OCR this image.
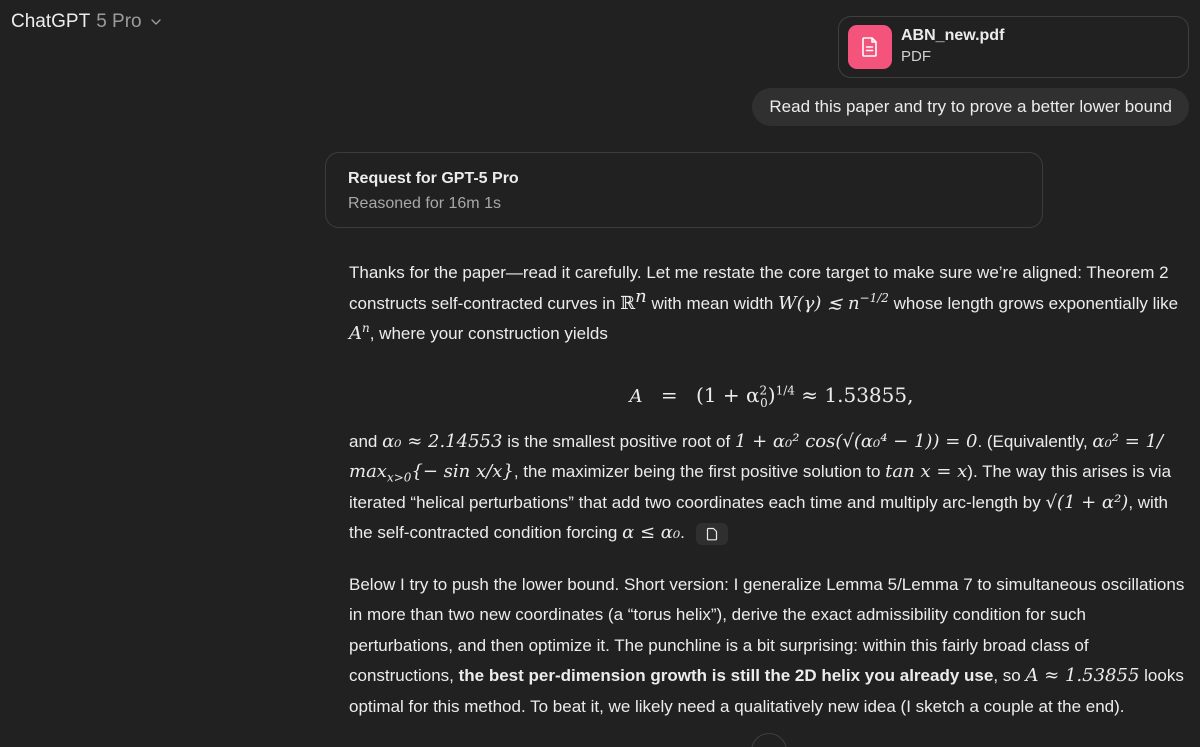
ChatGPT 5 Pro
ABN_new.pdf
PDF
Read this paper and try to prove a better lower bound
Request for GPT-5 Pro
Reasoned for 16m 1s

Thanks for the paper—read it carefully. Let me restate the core target to make sure we’re aligned: Theorem 2 constructs self-contracted curves in ℝ$^n$ with mean width W(γ) ≲ $n^{-1/2}$ whose length grows exponentially like $A^n$, where your construction yields

$A = (1 + \alpha^2_0)^{1/4} \approx 1.53855$,

and α₀ ≈ 2.14553 is the smallest positive root of 1 + α₀² cos(√(α₀⁴ − 1)) = 0. (Equivalently, α₀² = 1/ $\max_{x>0}\{- \sin x/x\}$, the maximizer being the first positive solution to tan x = x). The way this arises is via iterated “helical perturbations” that add two coordinates each time and multiply arc-length by √(1 + α²), with the self-contracted condition forcing α ≤ α₀.

Below I try to push the lower bound. Short version: I generalize Lemma 5/Lemma 7 to simultaneous oscillations in more than two new coordinates (a “torus helix”), derive the exact admissibility condition for such perturbations, and then optimize it. The punchline is a bit surprising: within this fairly broad class of constructions, the best per-dimension growth is still the 2D helix you already use, so A ≈ 1.53855 looks optimal for this method. To beat it, we likely need a qualitatively new idea (I sketch a couple at the end).
